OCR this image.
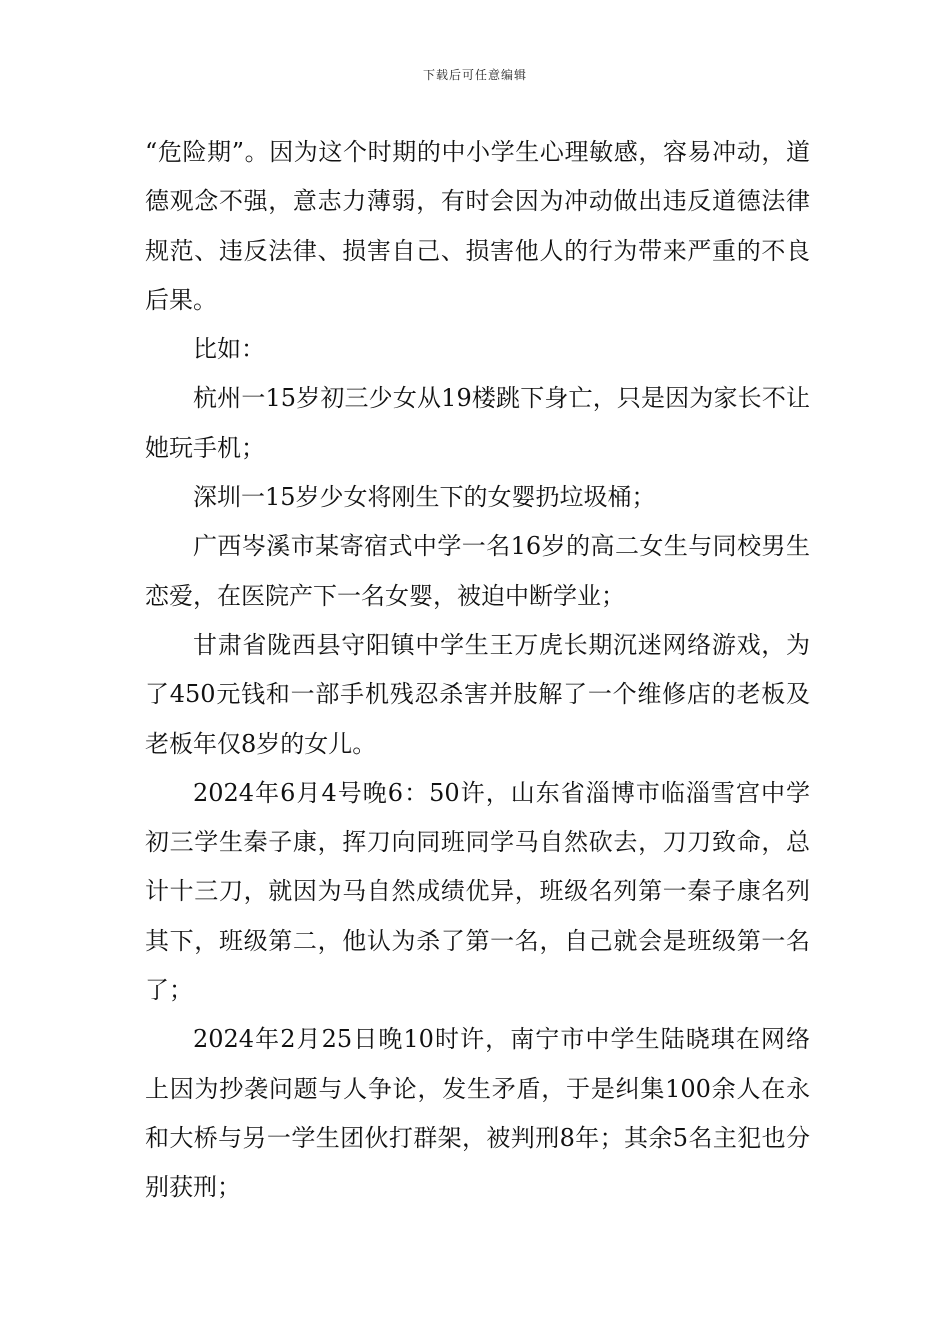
下载后可任意编辑

“危险期”。因为这个时期的中小学生心理敏感，容易冲动，道德观念不强，意志力薄弱，有时会因为冲动做出违反道德法律规范、违反法律、损害自己、损害他人的行为带来严重的不良后果。

比如：

杭州一15岁初三少女从19楼跳下身亡，只是因为家长不让她玩手机；

深圳一15岁少女将刚生下的女婴扔垃圾桶；

广西岑溪市某寄宿式中学一名16岁的高二女生与同校男生恋爱，在医院产下一名女婴，被迫中断学业；

甘肃省陇西县守阳镇中学生王万虎长期沉迷网络游戏，为了450元钱和一部手机残忍杀害并肢解了一个维修店的老板及老板年仅8岁的女儿。

2024年6月4号晚6：50许，山东省淄博市临淄雪宫中学初三学生秦子康，挥刀向同班同学马自然砍去，刀刀致命，总计十三刀，就因为马自然成绩优异，班级名列第一秦子康名列其下，班级第二，他认为杀了第一名，自己就会是班级第一名了；

2024年2月25日晚10时许，南宁市中学生陆晓琪在网络上因为抄袭问题与人争论，发生矛盾，于是纠集100余人在永和大桥与另一学生团伙打群架，被判刑8年；其余5名主犯也分别获刑；
